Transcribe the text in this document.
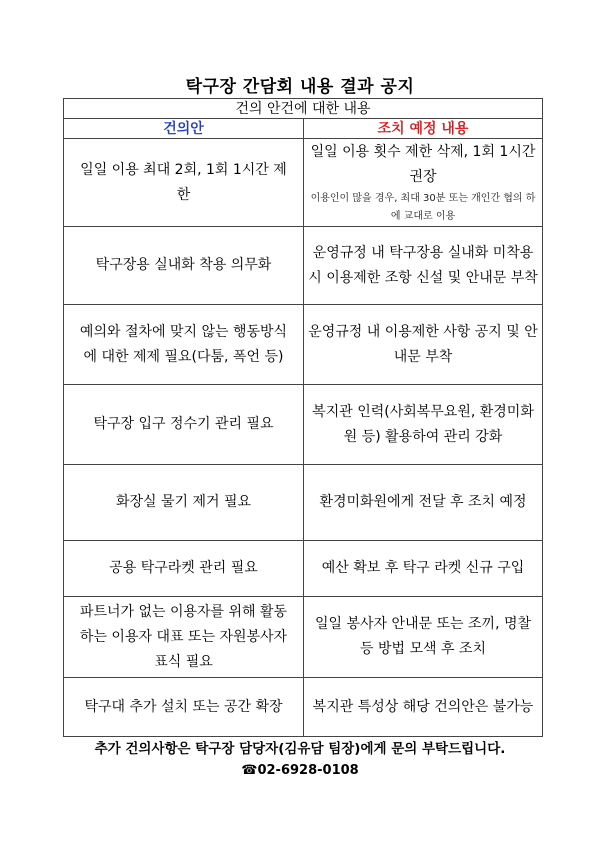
탁구장 간담회 내용 결과 공지
건의 안건에 대한 내용	
건의안	조치 예정 내용
일일 이용 최대 2회, 1회 1시간 제한	일일 이용 횟수 제한 삭제, 1회 1시간 권장
이용인이 많을 경우, 최대 30분 또는 개인간 협의 하에 교대로 이용

탁구장용 실내화 착용 의무화	운영규정 내 탁구장용 실내화 미착용 시 이용제한 조항 신설 및 안내문 부착
예의와 절차에 맞지 않는 행동방식에 대한 제제 필요(다툼, 폭언 등)	운영규정 내 이용제한 사항 공지 및 안내문 부착
탁구장 입구 정수기 관리 필요	복지관 인력(사회복무요원, 환경미화원 등) 활용하여 관리 강화
화장실 물기 제거 필요	환경미화원에게 전달 후 조치 예정
공용 탁구라켓 관리 필요	예산 확보 후 탁구 라켓 신규 구입
파트너가 없는 이용자를 위해 활동하는 이용자 대표 또는 자원봉사자 표식 필요	일일 봉사자 안내문 또는 조끼, 명찰 등 방법 모색 후 조치
탁구대 추가 설치 또는 공간 확장	복지관 특성상 해당 건의안은 불가능
추가 건의사항은 탁구장 담당자(김유담 팀장)에게 문의 부탁드립니다.
☎02-6928-0108
